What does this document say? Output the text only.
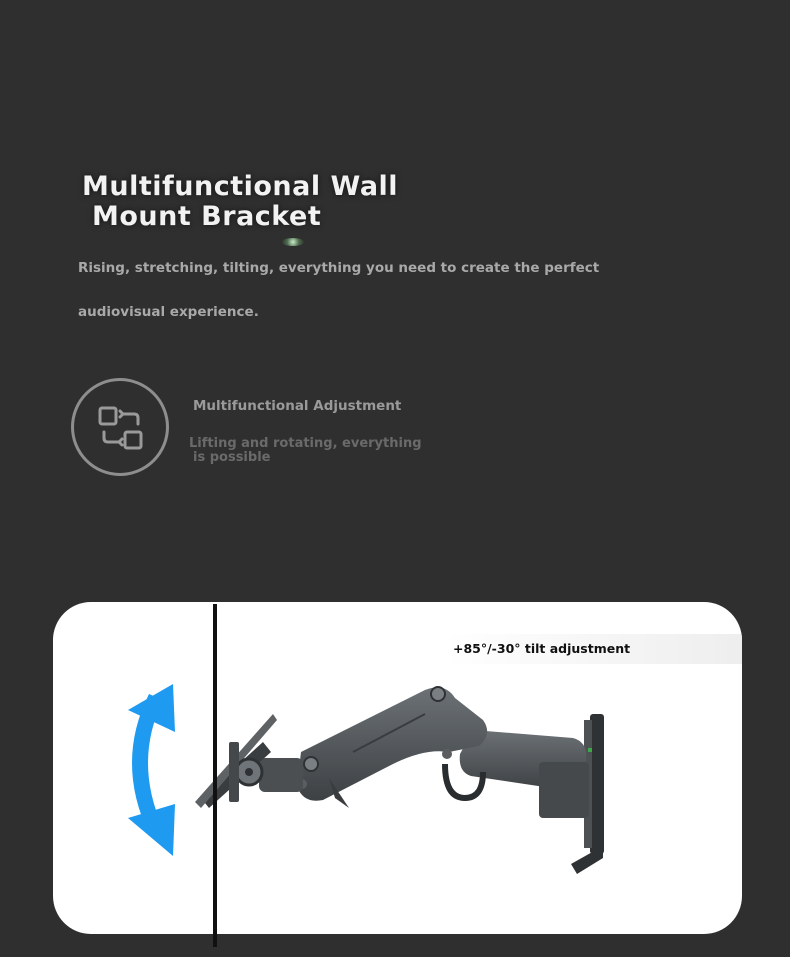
Multifunctional Wall

Mount Bracket

Rising, stretching, tilting, everything you need to create the perfect
audiovisual experience.

Multifunctional Adjustment
Lifting and rotating, everything

is possible
+85°/-30° tilt adjustment
